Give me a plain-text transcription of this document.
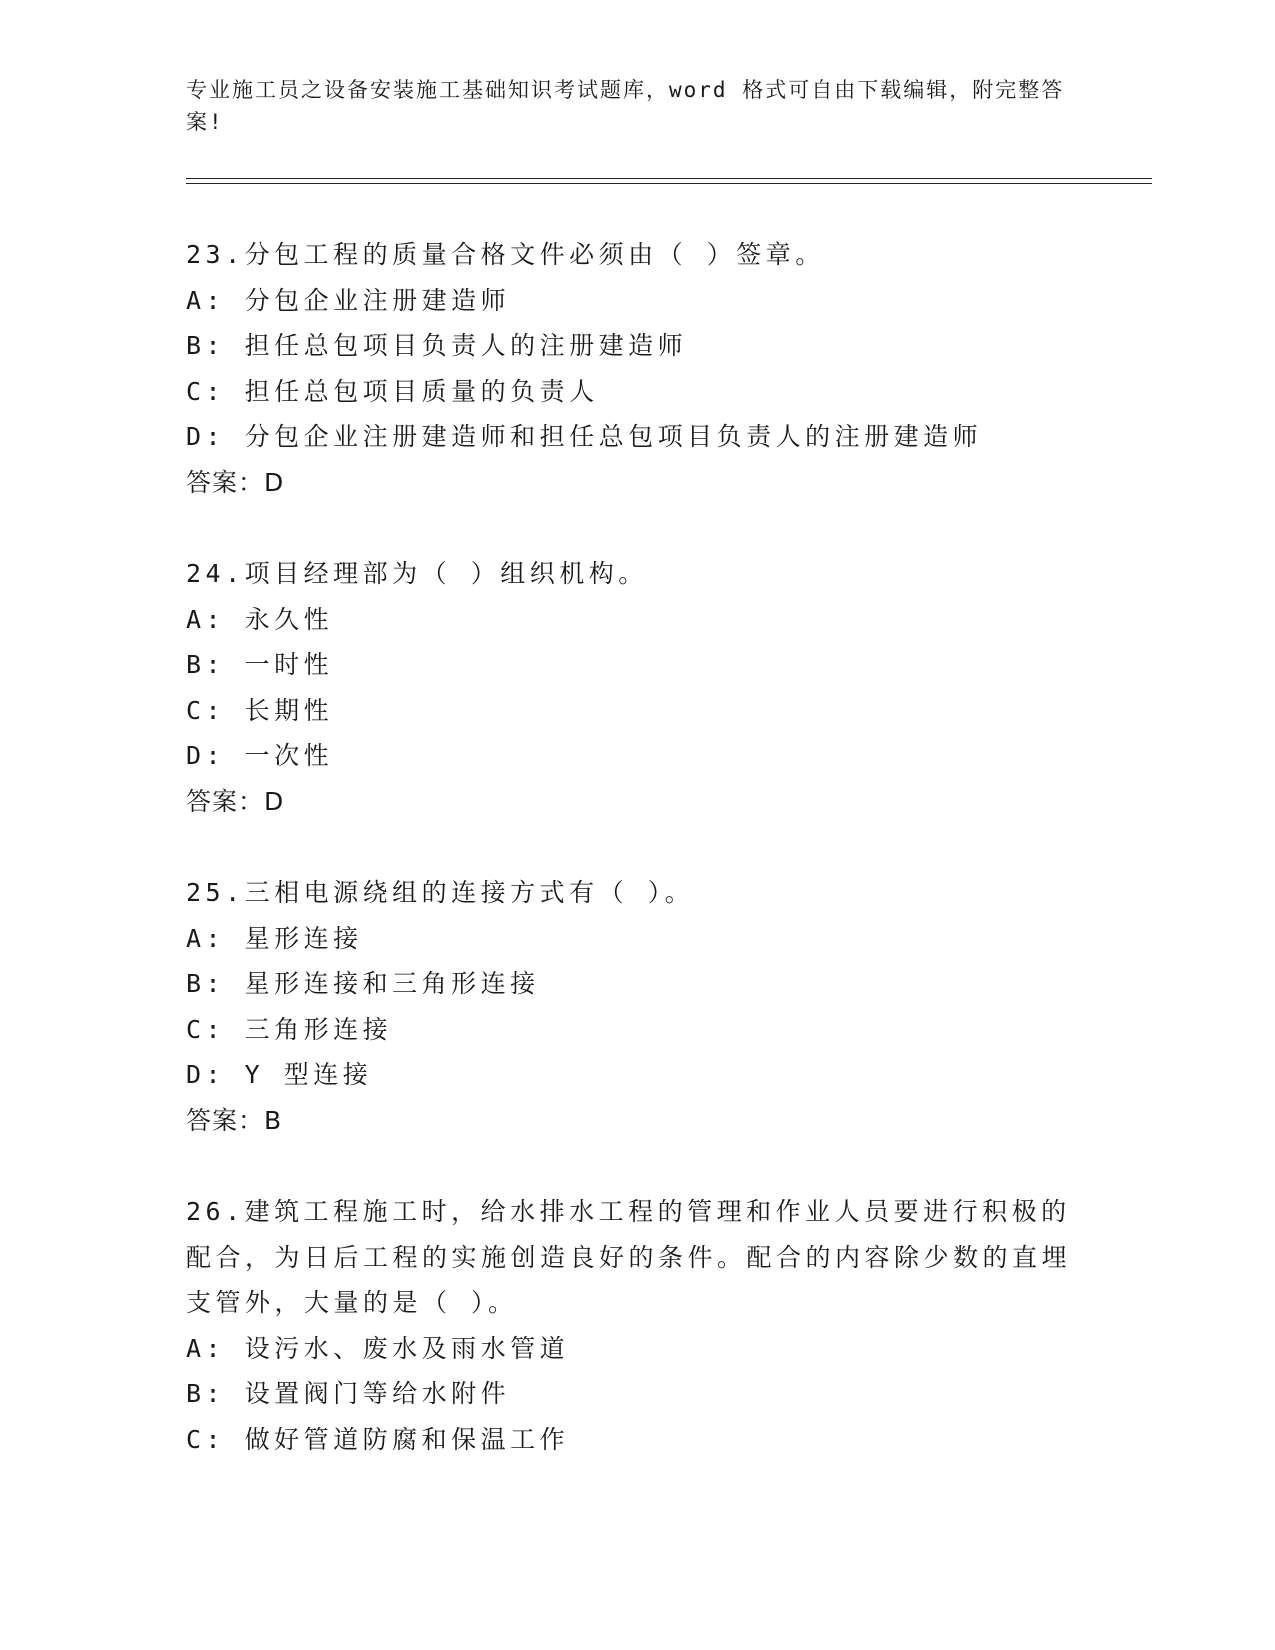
专业施工员之设备安装施工基础知识考试题库，word 格式可自由下载编辑，附完整答案!
23.分包工程的质量合格文件必须由（ ）签章。
A: 分包企业注册建造师
B: 担任总包项目负责人的注册建造师
C: 担任总包项目质量的负责人
D: 分包企业注册建造师和担任总包项目负责人的注册建造师
答案：D
24.项目经理部为（ ）组织机构。
A: 永久性
B: 一时性
C: 长期性
D: 一次性
答案：D
25.三相电源绕组的连接方式有（ ）。
A: 星形连接
B: 星形连接和三角形连接
C: 三角形连接
D: Y 型连接
答案：B
26.建筑工程施工时，给水排水工程的管理和作业人员要进行积极的配合，为日后工程的实施创造良好的条件。配合的内容除少数的直埋支管外，大量的是（ ）。
A: 设污水、废水及雨水管道
B: 设置阀门等给水附件
C: 做好管道防腐和保温工作
